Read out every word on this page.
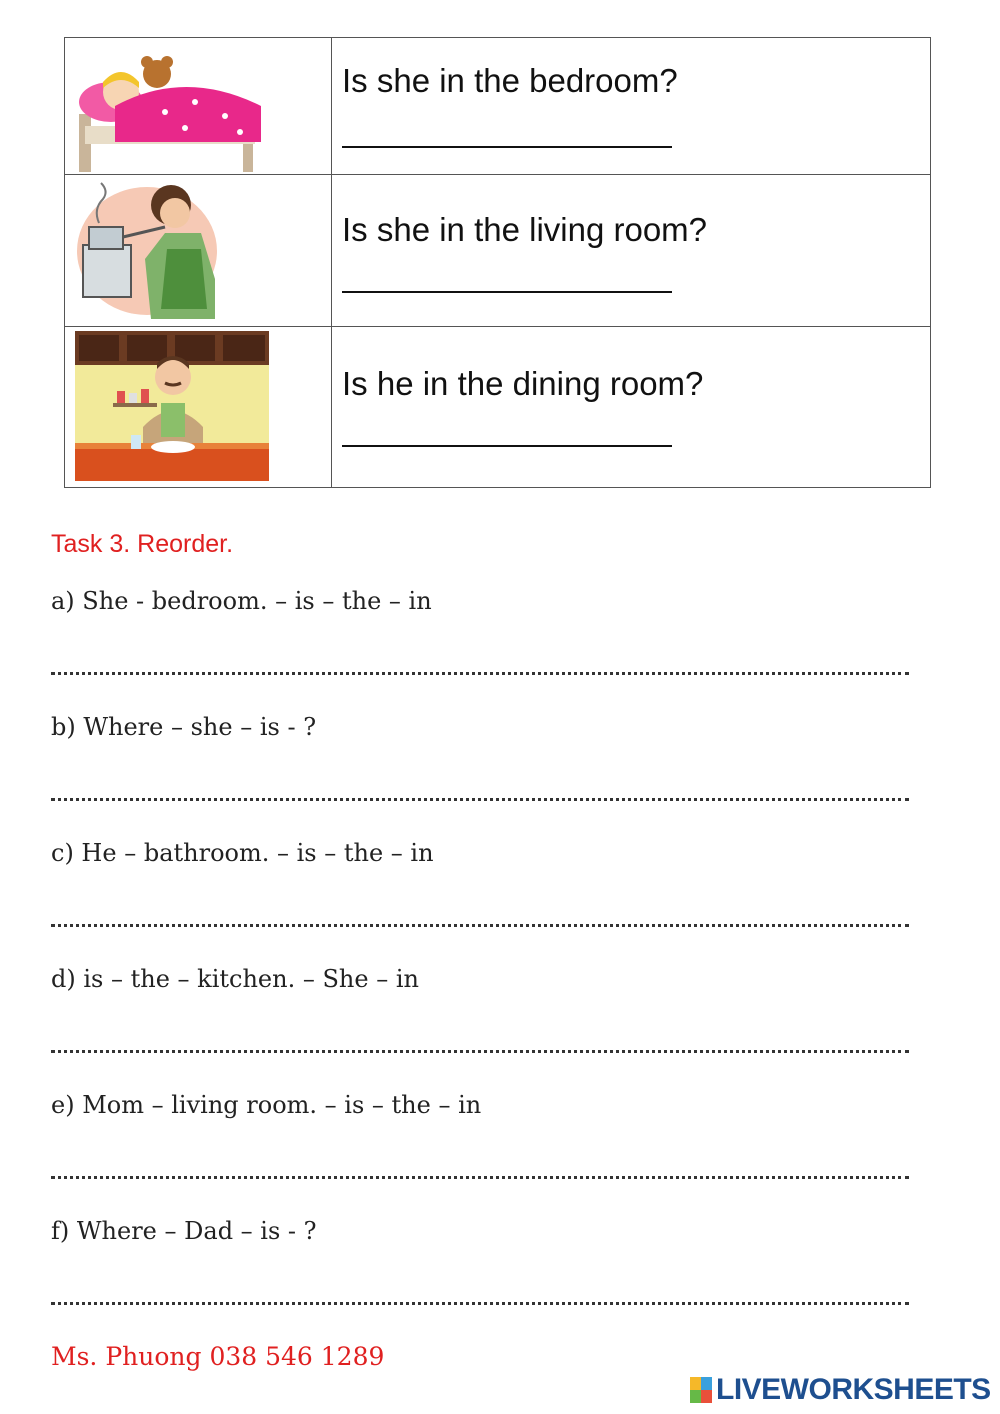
Is she in the bedroom?

Is she in the living room?

Is he in the dining room?
Task 3. Reorder.
a) She - bedroom. – is – the – in
b) Where – she – is - ?
c) He – bathroom. – is – the – in
d) is – the – kitchen. – She – in
e) Mom – living room. – is – the – in
f) Where – Dad – is - ?
Ms. Phuong 038 546 1289
LIVEWORKSHEETS
